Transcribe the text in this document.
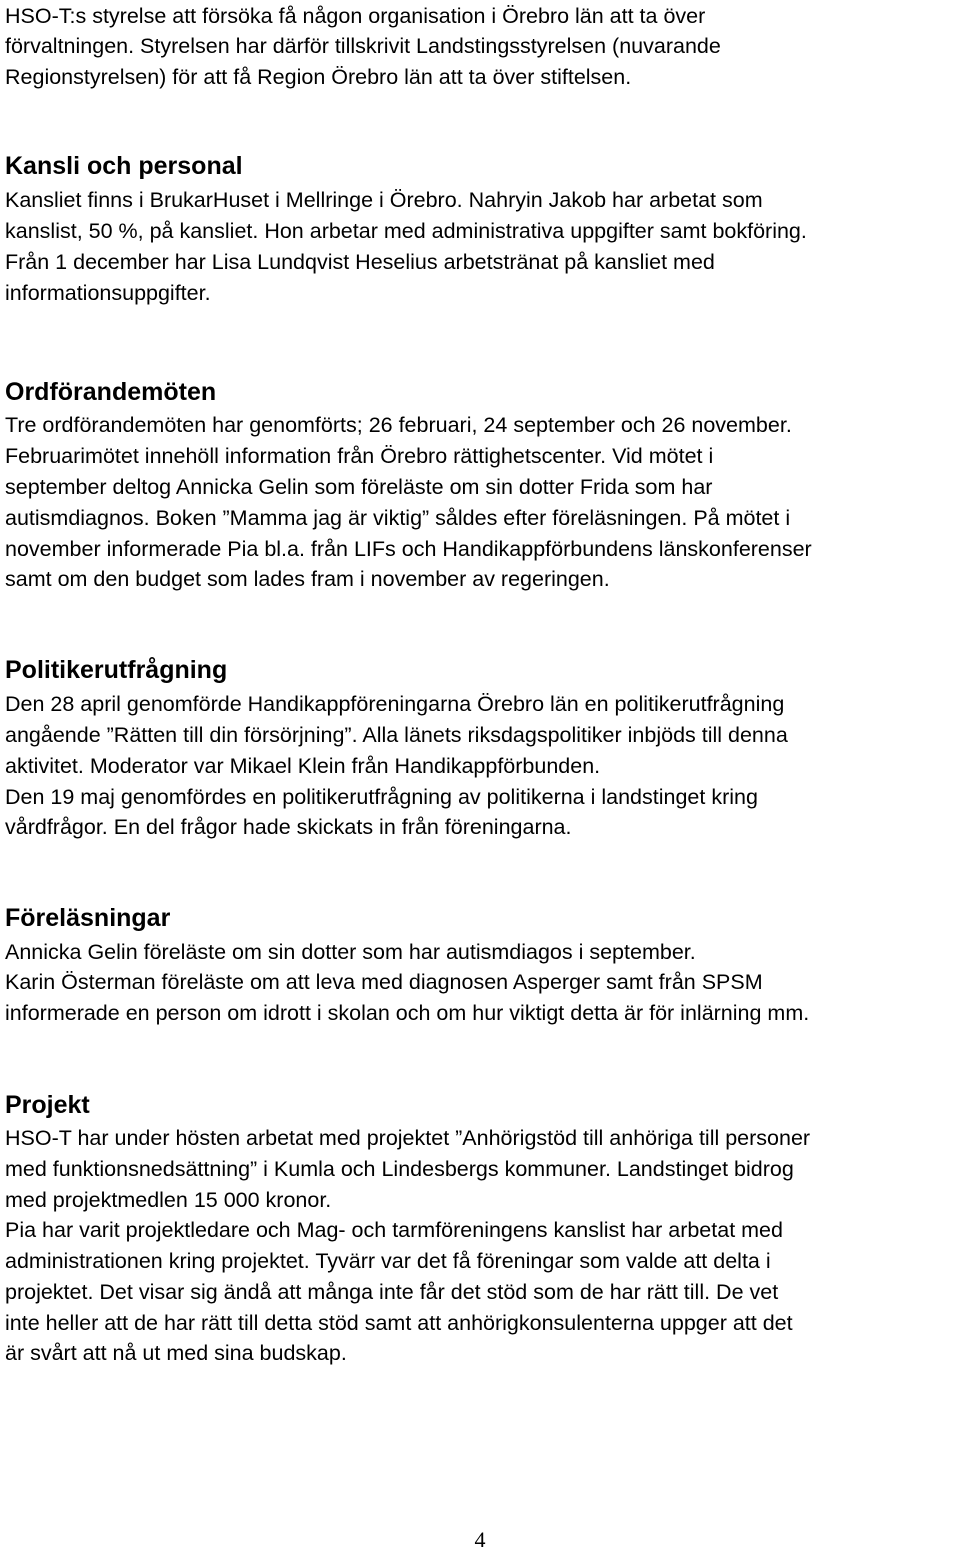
HSO-T:s styrelse att försöka få någon organisation i Örebro län att ta över
förvaltningen. Styrelsen har därför tillskrivit Landstingsstyrelsen (nuvarande
Regionstyrelsen) för att få Region Örebro län att ta över stiftelsen.
Kansli och personal
Kansliet finns i BrukarHuset i Mellringe i Örebro. Nahryin Jakob har arbetat som
kanslist, 50 %, på kansliet. Hon arbetar med administrativa uppgifter samt bokföring.
Från 1 december har Lisa Lundqvist Heselius arbetstränat på kansliet med
informationsuppgifter.
Ordförandemöten
Tre ordförandemöten har genomförts; 26 februari, 24 september och 26 november.
Februarimötet innehöll information från Örebro rättighetscenter. Vid mötet i
september deltog Annicka Gelin som föreläste om sin dotter Frida som har
autismdiagnos. Boken ”Mamma jag är viktig” såldes efter föreläsningen. På mötet i
november informerade Pia bl.a. från LIFs och Handikappförbundens länskonferenser
samt om den budget som lades fram i november av regeringen.
Politikerutfrågning
Den 28 april genomförde Handikappföreningarna Örebro län en politikerutfrågning
angående ”Rätten till din försörjning”. Alla länets riksdagspolitiker inbjöds till denna
aktivitet. Moderator var Mikael Klein från Handikappförbunden.
Den 19 maj genomfördes en politikerutfrågning av politikerna i landstinget kring
vårdfrågor. En del frågor hade skickats in från föreningarna.
Föreläsningar
Annicka Gelin föreläste om sin dotter som har autismdiagos i september.
Karin Österman föreläste om att leva med diagnosen Asperger samt från SPSM
informerade en person om idrott i skolan och om hur viktigt detta är för inlärning mm.
Projekt
HSO-T har under hösten arbetat med projektet ”Anhörigstöd till anhöriga till personer
med funktionsnedsättning” i Kumla och Lindesbergs kommuner. Landstinget bidrog
med projektmedlen 15 000 kronor.
Pia har varit projektledare och Mag- och tarmföreningens kanslist har arbetat med
administrationen kring projektet. Tyvärr var det få föreningar som valde att delta i
projektet. Det visar sig ändå att många inte får det stöd som de har rätt till. De vet
inte heller att de har rätt till detta stöd samt att anhörigkonsulenterna uppger att det
är svårt att nå ut med sina budskap.
4
